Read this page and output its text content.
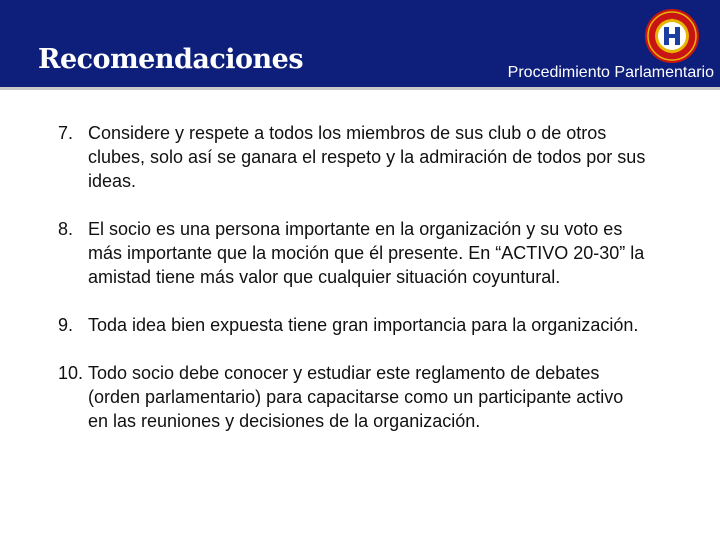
Recomendaciones	Procedimiento Parlamentario
7. Considere y respete a todos los miembros de sus club o de otros clubes, solo así se ganara el respeto y la admiración de todos por sus ideas.
8. El socio es una persona importante en la organización y su voto es más importante que la moción que él presente. En “ACTIVO 20-30” la amistad tiene más valor que cualquier situación coyuntural.
9. Toda idea bien expuesta tiene gran importancia para la organización.
10. Todo socio debe conocer y estudiar este reglamento de debates (orden parlamentario) para capacitarse como un participante activo en las reuniones y decisiones de la organización.
